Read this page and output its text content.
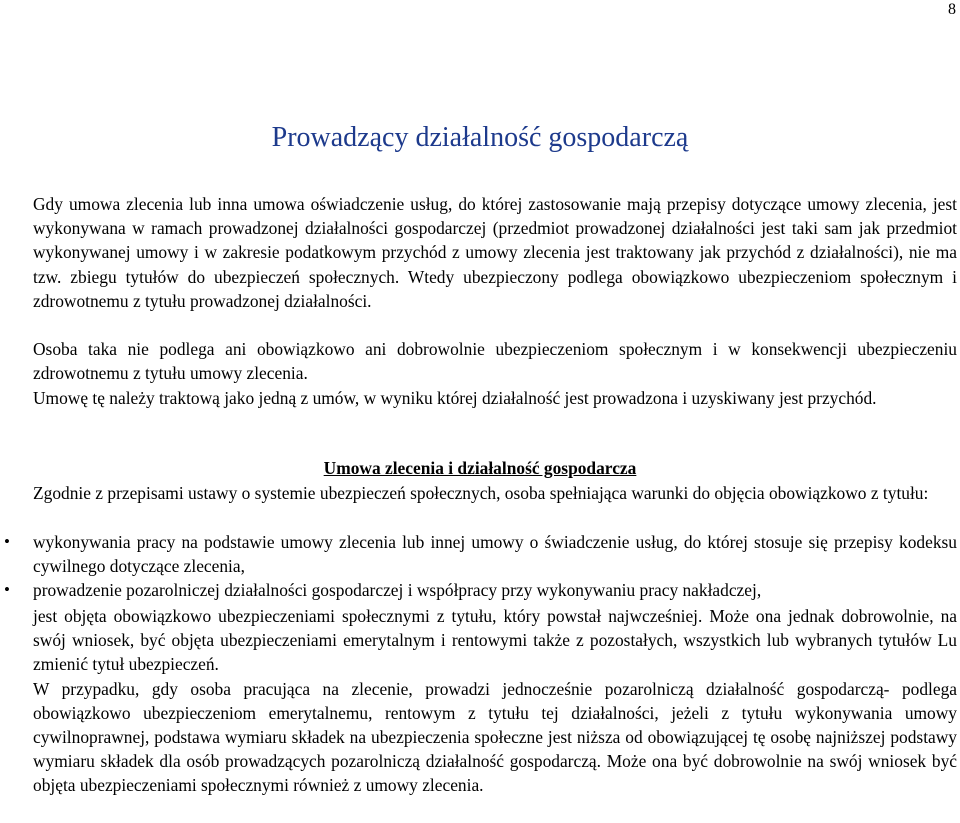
8
Prowadzący działalność gospodarczą

Gdy umowa zlecenia lub inna umowa oświadczenie usług, do której zastosowanie mają przepisy dotyczące umowy zlecenia, jest wykonywana w ramach prowadzonej działalności gospodarczej (przedmiot prowadzonej działalności jest taki sam jak przedmiot wykonywanej umowy i w zakresie podatkowym przychód z umowy zlecenia jest traktowany jak przychód z działalności), nie ma tzw. zbiegu tytułów do ubezpieczeń społecznych. Wtedy ubezpieczony podlega obowiązkowo ubezpieczeniom społecznym i zdrowotnemu z tytułu prowadzonej działalności.

Osoba taka nie podlega ani obowiązkowo ani dobrowolnie ubezpieczeniom społecznym i w konsekwencji ubezpieczeniu zdrowotnemu z tytułu umowy zlecenia.

Umowę tę należy traktową jako jedną z umów, w wyniku której działalność jest prowadzona i uzyskiwany jest przychód.

Umowa zlecenia i działalność gospodarcza

Zgodnie z przepisami ustawy o systemie ubezpieczeń społecznych, osoba spełniająca warunki do objęcia obowiązkowo z tytułu:

• wykonywania pracy na podstawie umowy zlecenia lub innej umowy o świadczenie usług, do której stosuje się przepisy kodeksu cywilnego dotyczące zlecenia,
• prowadzenie pozarolniczej działalności gospodarczej i współpracy przy wykonywaniu pracy nakładczej,

jest objęta obowiązkowo ubezpieczeniami społecznymi z tytułu, który powstał najwcześniej. Może ona jednak dobrowolnie, na swój wniosek, być objęta ubezpieczeniami emerytalnym i rentowymi także z pozostałych, wszystkich lub wybranych tytułów Lu zmienić tytuł ubezpieczeń.

W przypadku, gdy osoba pracująca na zlecenie, prowadzi jednocześnie pozarolniczą działalność gospodarczą- podlega obowiązkowo ubezpieczeniom emerytalnemu, rentowym z tytułu tej działalności, jeżeli z tytułu wykonywania umowy cywilnoprawnej, podstawa wymiaru składek na ubezpieczenia społeczne jest niższa od obowiązującej tę osobę najniższej podstawy wymiaru składek dla osób prowadzących pozarolniczą działalność gospodarczą. Może ona być dobrowolnie na swój wniosek być objęta ubezpieczeniami społecznymi również z umowy zlecenia.
